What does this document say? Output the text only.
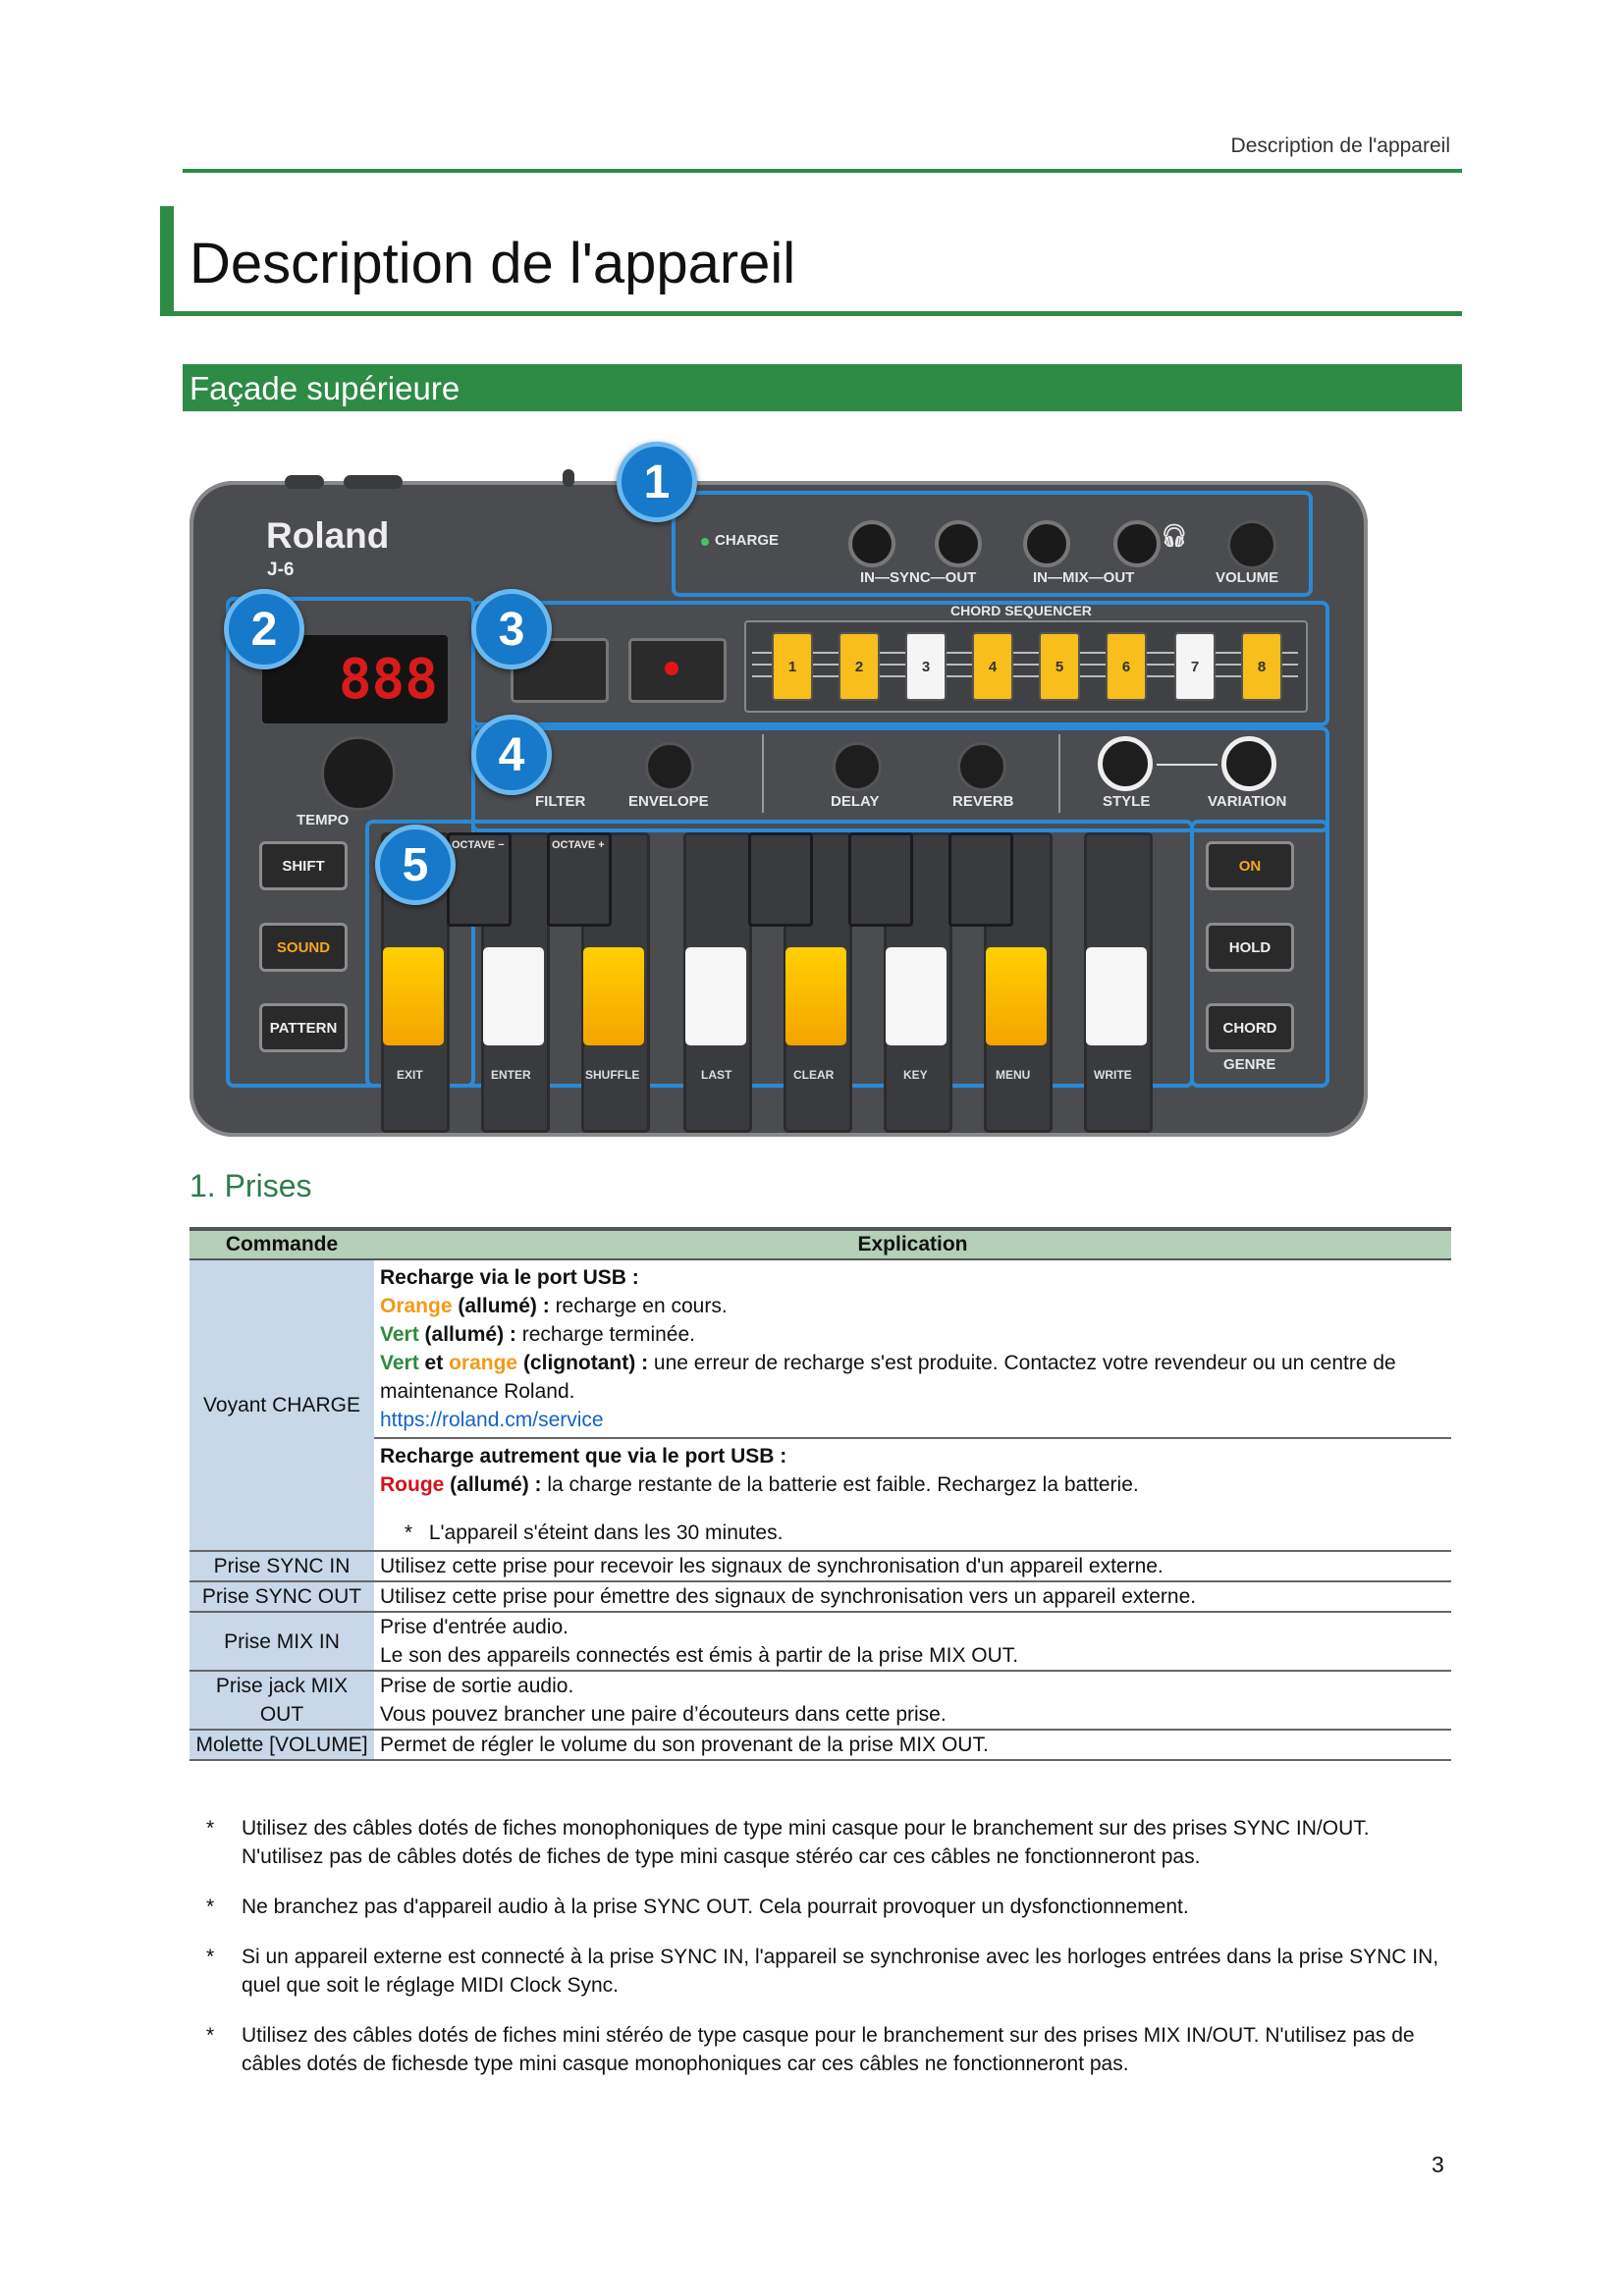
Description de l'appareil
Description de l'appareil
Façade supérieure
Roland
J-6
CHARGE	🎧︎
IN—SYNC—OUT	IN—MIX—OUT	VOLUME
1
888
TEMPO
SHIFT
SOUND
PATTERN
2	CHORD SEQUENCER
1	2	3	4	5	6	7	8
3
FILTER	ENVELOPE	DELAY	REVERB	STYLE	VARIATION
4
ON
HOLD
CHORD
GENRE
OCTAVE −	OCTAVE +
EXIT	ENTER	SHUFFLE	LAST	CLEAR	KEY	MENU	WRITE
5
1. Prises
Commande	Explication
Voyant CHARGE	Recharge via le port USB :
Orange (allumé) : recharge en cours.
Vert (allumé) : recharge terminée.
Vert et orange (clignotant) : une erreur de recharge s'est produite. Contactez votre revendeur ou un centre de maintenance Roland.
https://roland.cm/service

	Recharge autrement que via le port USB :
Rouge (allumé) : la charge restante de la batterie est faible. Rechargez la batterie.
* L'appareil s'éteint dans les 30 minutes.

Prise SYNC IN	Utilisez cette prise pour recevoir les signaux de synchronisation d'un appareil externe.
Prise SYNC OUT	Utilisez cette prise pour émettre des signaux de synchronisation vers un appareil externe.
Prise MIX IN	Prise d'entrée audio.
Le son des appareils connectés est émis à partir de la prise MIX OUT.

Prise jack MIX OUT	Prise de sortie audio.
Vous pouvez brancher une paire d’écouteurs dans cette prise.

Molette [VOLUME]	Permet de régler le volume du son provenant de la prise MIX OUT.
* Utilisez des câbles dotés de fiches monophoniques de type mini casque pour le branchement sur des prises SYNC IN/OUT. N'utilisez pas de câbles dotés de fiches de type mini casque stéréo car ces câbles ne fonctionneront pas.
* Ne branchez pas d'appareil audio à la prise SYNC OUT. Cela pourrait provoquer un dysfonctionnement.
* Si un appareil externe est connecté à la prise SYNC IN, l'appareil se synchronise avec les horloges entrées dans la prise SYNC IN, quel que soit le réglage MIDI Clock Sync.
* Utilisez des câbles dotés de fiches mini stéréo de type casque pour le branchement sur des prises MIX IN/OUT. N'utilisez pas de câbles dotés de fichesde type mini casque monophoniques car ces câbles ne fonctionneront pas.
3
